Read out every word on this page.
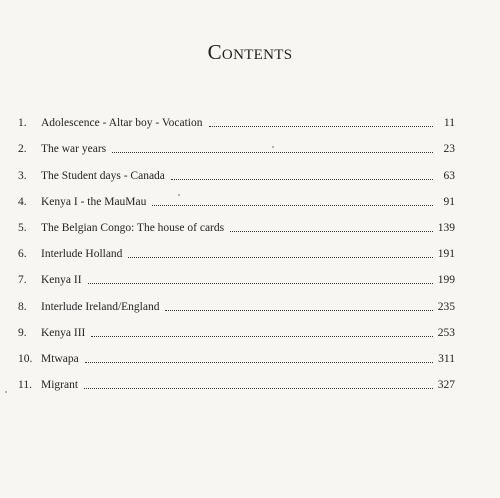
Contents
1.	Adolescence - Altar boy - Vocation	11
2.	The war years	23
3.	The Student days - Canada	63
4.	Kenya I - the MauMau	91
5.	The Belgian Congo: The house of cards	139
6.	Interlude Holland	191
7.	Kenya II	199
8.	Interlude Ireland/England	235
9.	Kenya III	253
10. Mtwapa	311
11. Migrant	327
